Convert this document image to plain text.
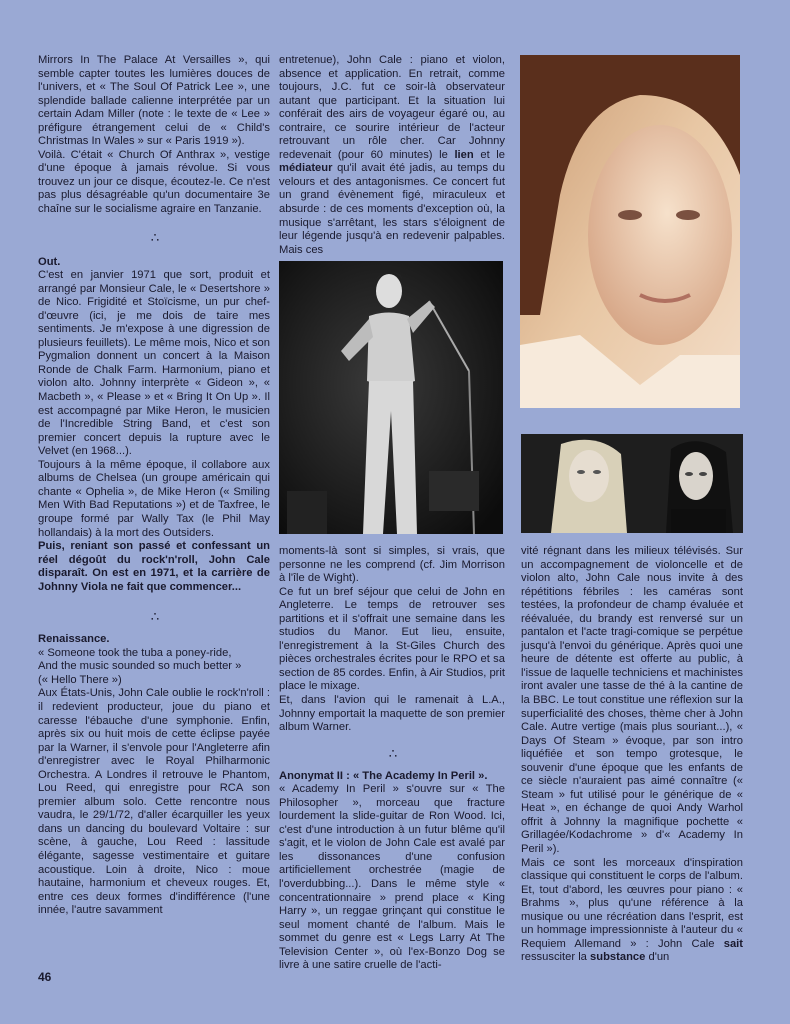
Mirrors In The Palace At Versailles », qui semble capter toutes les lumières douces de l'univers, et « The Soul Of Patrick Lee », une splendide ballade calienne interprétée par un certain Adam Miller (note : le texte de « Lee » préfigure étrangement celui de « Child's Christmas In Wales » sur « Paris 1919 »).

Voilà. C'était « Church Of Anthrax », vestige d'une époque à jamais révolue. Si vous trouvez un jour ce disque, écoutez-le. Ce n'est pas plus désagréable qu'un documentaire 3e chaîne sur le socialisme agraire en Tanzanie.

∴

Out.

C'est en janvier 1971 que sort, produit et arrangé par Monsieur Cale, le « Desertshore » de Nico. Frigidité et Stoïcisme, un pur chef-d'œuvre (ici, je me dois de taire mes sentiments. Je m'expose à une digression de plusieurs feuillets). Le même mois, Nico et son Pygmalion donnent un concert à la Maison Ronde de Chalk Farm. Harmonium, piano et violon alto. Johnny interprète « Gideon », « Macbeth », « Please » et « Bring It On Up ». Il est accompagné par Mike Heron, le musicien de l'Incredible String Band, et c'est son premier concert depuis la rupture avec le Velvet (en 1968...).

Toujours à la même époque, il collabore aux albums de Chelsea (un groupe américain qui chante « Ophelia », de Mike Heron (« Smiling Men With Bad Reputations ») et de Taxfree, le groupe formé par Wally Tax (le Phil May hollandais) à la mort des Outsiders.

Puis, reniant son passé et confessant un réel dégoût du rock'n'roll, John Cale disparaît. On est en 1971, et la carrière de Johnny Viola ne fait que commencer...

∴

Renaissance.

« Someone took the tuba a poney-ride,

And the music sounded so much better »

(« Hello There »)

Aux États-Unis, John Cale oublie le rock'n'roll : il redevient producteur, joue du piano et caresse l'ébauche d'une symphonie. Enfin, après six ou huit mois de cette éclipse payée par la Warner, il s'envole pour l'Angleterre afin d'enregistrer avec le Royal Philharmonic Orchestra. A Londres il retrouve le Phantom, Lou Reed, qui enregistre pour RCA son premier album solo. Cette rencontre nous vaudra, le 29/1/72, d'aller écarquiller les yeux dans un dancing du boulevard Voltaire : sur scène, à gauche, Lou Reed : lassitude élégante, sagesse vestimentaire et guitare acoustique. Loin à droite, Nico : moue hautaine, harmonium et cheveux rouges. Et, entre ces deux formes d'indifférence (l'une innée, l'autre savamment

entretenue), John Cale : piano et violon, absence et application. En retrait, comme toujours, J.C. fut ce soir-là observateur autant que participant. Et la situation lui conférait des airs de voyageur égaré ou, au contraire, ce sourire intérieur de l'acteur retrouvant un rôle cher. Car Johnny redevenait (pour 60 minutes) le lien et le médiateur qu'il avait été jadis, au temps du velours et des antagonismes. Ce concert fut un grand évènement figé, miraculeux et absurde : de ces moments d'exception où, la musique s'arrêtant, les stars s'éloignent de leur légende jusqu'à en redevenir palpables. Mais ces

moments-là sont si simples, si vrais, que personne ne les comprend (cf. Jim Morrison à l'île de Wight).

Ce fut un bref séjour que celui de John en Angleterre. Le temps de retrouver ses partitions et il s'offrait une semaine dans les studios du Manor. Eut lieu, ensuite, l'enregistrement à la St-Giles Church des pièces orchestrales écrites pour le RPO et sa section de 85 cordes. Enfin, à Air Studios, prit place le mixage.

Et, dans l'avion qui le ramenait à L.A., Johnny emportait la maquette de son premier album Warner.

∴

Anonymat II : « The Academy In Peril ».

« Academy In Peril » s'ouvre sur « The Philosopher », morceau que fracture lourdement la slide-guitar de Ron Wood. Ici, c'est d'une introduction à un futur blême qu'il s'agit, et le violon de John Cale est avalé par les dissonances d'une confusion artificiellement orchestrée (magie de l'overdubbing...). Dans le même style « concentrationnaire » prend place « King Harry », un reggae grinçant qui constitue le seul moment chanté de l'album. Mais le sommet du genre est « Legs Larry At The Television Center », où l'ex-Bonzo Dog se livre à une satire cruelle de l'acti-

vité régnant dans les milieux télévisés. Sur un accompagnement de violoncelle et de violon alto, John Cale nous invite à des répétitions fébriles : les caméras sont testées, la profondeur de champ évaluée et réévaluée, du brandy est renversé sur un pantalon et l'acte tragi-comique se perpétue jusqu'à l'envoi du générique. Après quoi une heure de détente est offerte au public, à l'issue de laquelle techniciens et machinistes iront avaler une tasse de thé à la cantine de la BBC. Le tout constitue une réflexion sur la superficialité des choses, thème cher à John Cale. Autre vertige (mais plus souriant...), « Days Of Steam » évoque, par son intro liquéfiée et son tempo grotesque, le souvenir d'une époque que les enfants de ce siècle n'auraient pas aimé connaître (« Steam » fut utilisé pour le générique de « Heat », en échange de quoi Andy Warhol offrit à Johnny la magnifique pochette « Grillagée/Kodachrome » d'« Academy In Peril »).

Mais ce sont les morceaux d'inspiration classique qui constituent le corps de l'album. Et, tout d'abord, les œuvres pour piano : « Brahms », plus qu'une référence à la musique ou une récréation dans l'esprit, est un hommage impressionniste à l'auteur du « Requiem Allemand » : John Cale sait ressusciter la substance d'un

46
